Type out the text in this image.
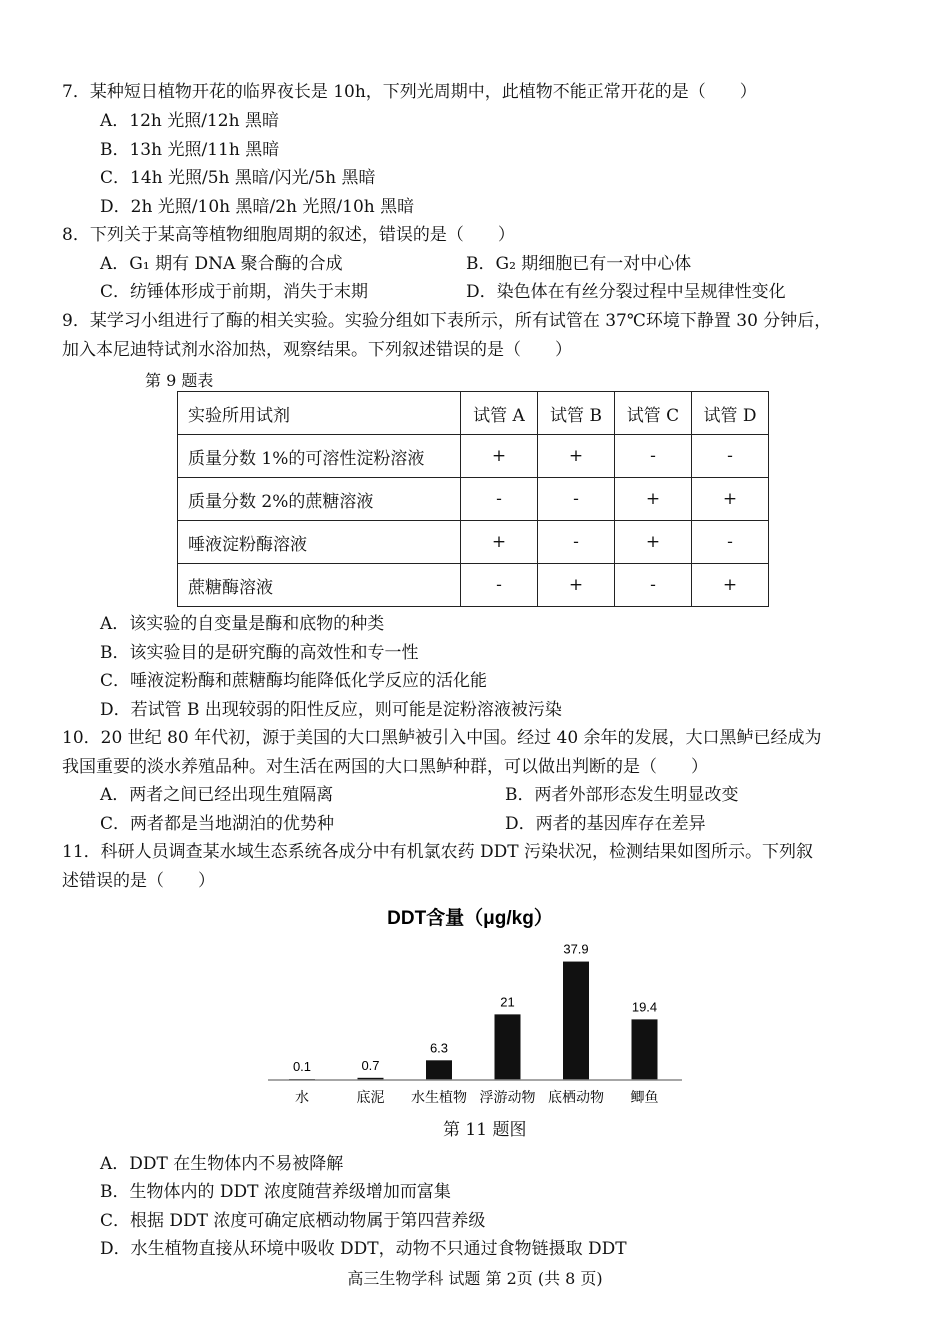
7．某种短日植物开花的临界夜长是 10h，下列光周期中，此植物不能正常开花的是（　　）
A．12h 光照/12h 黑暗
B．13h 光照/11h 黑暗
C．14h 光照/5h 黑暗/闪光/5h 黑暗
D．2h 光照/10h 黑暗/2h 光照/10h 黑暗
8．下列关于某高等植物细胞周期的叙述，错误的是（　　）
A．G₁ 期有 DNA 聚合酶的合成	B．G₂ 期细胞已有一对中心体
C．纺锤体形成于前期，消失于末期	D．染色体在有丝分裂过程中呈规律性变化
9．某学习小组进行了酶的相关实验。实验分组如下表所示，所有试管在 37℃环境下静置 30 分钟后，
加入本尼迪特试剂水浴加热，观察结果。下列叙述错误的是（　　）
第 9 题表
实验所用试剂	试管 A	试管 B	试管 C	试管 D
质量分数 1%的可溶性淀粉溶液	+	+	-	-
质量分数 2%的蔗糖溶液	-	-	+	+
唾液淀粉酶溶液	+	-	+	-
蔗糖酶溶液	-	+	-	+
A．该实验的自变量是酶和底物的种类
B．该实验目的是研究酶的高效性和专一性
C．唾液淀粉酶和蔗糖酶均能降低化学反应的活化能
D．若试管 B 出现较弱的阳性反应，则可能是淀粉溶液被污染
10．20 世纪 80 年代初，源于美国的大口黑鲈被引入中国。经过 40 余年的发展，大口黑鲈已经成为
我国重要的淡水养殖品种。对生活在两国的大口黑鲈种群，可以做出判断的是（　　）
A．两者之间已经出现生殖隔离	B．两者外部形态发生明显改变
C．两者都是当地湖泊的优势种	D．两者的基因库存在差异
11．科研人员调查某水域生态系统各成分中有机氯农药 DDT 污染状况，检测结果如图所示。下列叙
述错误的是（　　）
DDT含量（μg/kg）
0.1
水
0.7
底泥
6.3
水生植物
21
浮游动物
37.9
底栖动物
19.4
鲫鱼
第 11 题图
A．DDT 在生物体内不易被降解
B．生物体内的 DDT 浓度随营养级增加而富集
C．根据 DDT 浓度可确定底栖动物属于第四营养级
D．水生植物直接从环境中吸收 DDT，动物不只通过食物链摄取 DDT
高三生物学科 试题 第 2页 (共 8 页)
